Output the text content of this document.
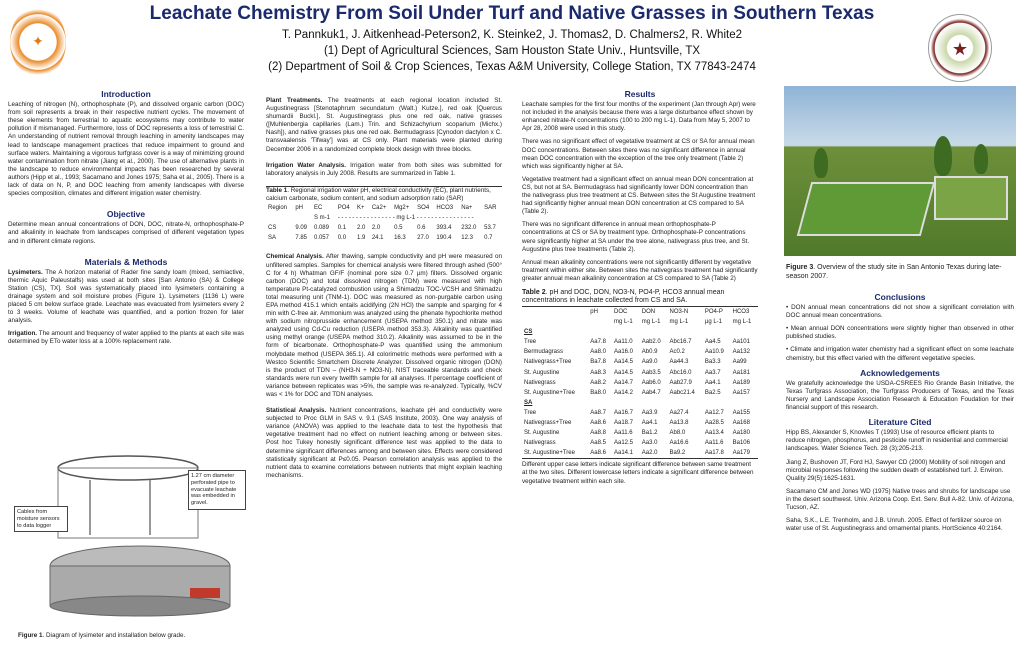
✦
Leachate Chemistry From Soil Under Turf and Native Grasses in Southern Texas
T. Pannkuk1, J. Aitkenhead-Peterson2, K. Steinke2, J. Thomas2, D. Chalmers2, R. White2
(1) Dept of Agricultural Sciences, Sam Houston State Univ., Huntsville, TX
(2) Department of Soil & Crop Sciences, Texas A&M University, College Station, TX 77843-2474
★
Introduction
Leaching of nitrogen (N), orthophosphate (P), and dissolved organic carbon (DOC) from soil represents a break in their respective nutrient cycles. The movement of these elements from terrestrial to aquatic ecosystems may contribute to water pollution if mismanaged. Furthermore, loss of DOC represents a loss of terrestrial C. An understanding of nutrient removal through leaching in amenity landscapes may lead to landscape management practices that reduce impairment to ground and surface waters. Maintaining a vigorous turfgrass cover is a way of minimizing ground water contamination from nitrate (Jiang et al., 2000). The use of alternative plants in the landscape to reduce environmental impacts has been researched by several authors (Hipp et al., 1993; Sacamano and Jones 1975; Saha et al., 2005). There is a lack of data on N, P, and DOC leaching from amenity landscapes with diverse species composition, climates and different irrigation water chemistry.
Objective
Determine mean annual concentrations of DON, DOC, nitrate-N, orthophosphate-P and alkalinity in leachate from landscapes comprised of different vegetation types and in different climate regions.
Materials & Methods
Lysimeters. The A horizon material of Rader fine sandy loam (mixed, semiactive, thermic Aquic Paleustalfs) was used at both sites [San Antonio (SA) & College Station (CS), TX]. Soil was systematically placed into lysimeters containing a drainage system and soil moisture probes (Figure 1). Lysimeters (1136 L) were placed 5 cm below surface grade. Leachate was evacuated from lysimeters every 2 to 3 weeks. Volume of leachate was quantified, and a portion frozen for later analysis.
Irrigation. The amount and frequency of water applied to the plants at each site was determined by ETo water loss at a 100% replacement rate.
1.27 cm diameter perforated pipe to evacuate leachate was embedded in gravel.
Cables from moisture sensors to data logger
Figure 1. Diagram of lysimeter and installation below grade.
Plant Treatments. The treatments at each regional location included St. Augustinegrass [Stenotaphrum secundatum (Walt.) Kutze.], red oak [Quercus shumardii Buckl.], St. Augustinegrass plus one red oak, native grasses ([Muhlenbergia capillaries (Lam.) Trin. and Schizachyrium scoparium (Michx.) Nash]), and native grasses plus one red oak. Bermudagrass [Cynodon dactylon x C. transvaalensis 'Tifway'] was at CS only. Plant materials were planted during December 2006 in a randomized complete block design with three blocks.
Irrigation Water Analysis. Irrigation water from both sites was submitted for laboratory analysis in July 2008. Results are summarized in Table 1.
Table 1. Regional irrigation water pH, electrical conductivity (EC), plant nutrients, calcium carbonate, sodium content, and sodium adsorption ratio (SAR)
Region	pH	EC	PO4	K+	Ca2+	Mg2+	SO4	HCO3	Na+	SAR
		S m-1	- - - - - - - - - - - - - - - - mg L-1 - - - - - - - - - - - - - - - -							
CS	9.09	0.089	0.1	2.0	2.0	0.5	0.6	393.4	232.0	53.7
SA	7.85	0.057	0.0	1.9	24.1	16.3	27.0	190.4	12.3	0.7
Chemical Analysis. After thawing, sample conductivity and pH were measured on unfiltered samples. Samples for chemical analysis were filtered through ashed (500° C for 4 h) Whatman GF/F (nominal pore size 0.7 µm) filters. Dissolved organic carbon (DOC) and total dissolved nitrogen (TDN) were measured with high temperature Pt-catalyzed combustion using a Shimadzu TOC-VCSH and Shimadzu total measuring unit (TNM-1). DOC was measured as non-purgable carbon using EPA method 415.1 which entails acidifying (2N HCl) the sample and sparging for 4 min with C-free air. Ammonium was analyzed using the phenate hypochlorite method with sodium nitroprusside enhancement (USEPA method 350.1) and nitrate was analyzed using Cd-Cu reduction (USEPA method 353.3). Alkalinity was quantified using methyl orange (USEPA method 310.2). Alkalinity was assumed to be in the form of bicarbonate. Orthophosphate-P was quantified using the ammonium molybdate method (USEPA 365.1). All colorimetric methods were performed with a Westco Scientific Smartchem Discrete Analyzer. Dissolved organic nitrogen (DON) is the product of TDN – (NH3-N + NO3-N). NIST traceable standards and check standards were run every twelfth sample for all analyses. If percentage coefficient of variance between replicates was >5%, the sample was re-analyzed. Typically, %CV was < 1% for DOC and TDN analyses.
Statistical Analysis. Nutrient concentrations, leachate pH and conductivity were subjected to Proc GLM in SAS v. 9.1 (SAS Institute, 2003). One way analysis of variance (ANOVA) was applied to the leachate data to test the hypothesis that vegetative treatment had no effect on nutrient leaching among or between sites. Post hoc Tukey honestly significant difference test was applied to the data to determine significant differences among and between sites. Effects were considered statistically significant at P≤0.05. Pearson correlation analysis was applied to the nutrient data to examine correlations between nutrients that might explain leaching mechanisms.
Results
Leachate samples for the first four months of the experiment (Jan through Apr) were not included in the analysis because there was a large disturbance effect shown by enhanced nitrate-N concentrations (100 to 200 mg L-1). Data from May 5, 2007 to Apr 28, 2008 were used in this study.
There was no significant effect of vegetative treatment at CS or SA for annual mean DOC concentrations. Between sites there was no significant difference in annual mean DOC concentration with the exception of the tree only treatment (Table 2) which was significantly higher at SA.
Vegetative treatment had a significant effect on annual mean DON concentration at CS, but not at SA. Bermudagrass had significantly lower DON concentration than the nativegrass plus tree treatment at CS. Between sites the St Augustine treatment had significantly higher annual mean DON concentration at CS compared to SA (Table 2).
There was no significant difference in annual mean orthophosphate-P concentrations at CS or SA by treatment type. Orthophosphate-P concentrations were significantly higher at SA under the tree alone, nativegrass plus tree, and St. Augustine plus tree treatments (Table 2).
Annual mean alkalinity concentrations were not significantly different by vegetative treatment within either site. Between sites the nativegrass treatment had significantly greater annual mean alkalinity concentration at CS compared to SA (Table 2)
Table 2. pH and DOC, DON, NO3-N, PO4-P, HCO3 annual mean concentrations in leachate collected from CS and SA.
	pH	DOC	DON	NO3-N	PO4-P	HCO3
		mg L-1	mg L-1	mg L-1	µg L-1	mg L-1
CS						
Tree	Aa7.8	Aa11.0	Aab2.0	Abc16.7	Aa4.5	Aa101
Bermudagrass	Aa8.0	Aa16.0	Ab0.9	Ac0.2	Aa10.9	Aa132
Nativegrass+Tree	Ba7.8	Aa14.5	Aa9.0	Aa44.3	Ba3.3	Aa99
St. Augustine	Aa8.3	Aa14.5	Aab3.5	Abc16.0	Aa3.7	Aa181
Nativegrass	Aa8.2	Aa14.7	Aab6.0	Aab27.9	Aa4.1	Aa189
St. Augustine+Tree	Ba8.0	Aa14.2	Aab4.7	Aabc21.4	Ba2.5	Aa157
SA						
Tree	Aa8.7	Aa16.7	Aa3.9	Aa27.4	Aa12.7	Aa155
Nativegrass+Tree	Aa8.6	Aa18.7	Aa4.1	Aa13.8	Aa28.5	Aa168
St. Augustine	Aa8.8	Aa11.6	Ba1.2	Ab8.0	Aa13.4	Aa180
Nativegrass	Aa8.5	Aa12.5	Aa3.0	Aa16.6	Aa11.6	Ba106
St. Augustine+Tree	Aa8.6	Aa14.1	Aa2.0	Ba9.2	Aa17.8	Aa179
Different upper case letters indicate significant difference between same treatment at the two sites. Different lowercase letters indicate a significant difference between vegetative treatment within each site.
Figure 3. Overview of the study site in San Antonio Texas during late-season 2007.
Conclusions
• DON annual mean concentrations did not show a significant correlation with DOC annual mean concentrations.
• Mean annual DON concentrations were slightly higher than observed in other published studies.
• Climate and irrigation water chemistry had a significant effect on some leachate chemistry, but this effect varied with the different vegetative species.
Acknowledgements
We gratefully acknowledge the USDA-CSREES Rio Grande Basin Initiative, the Texas Turfgrass Association, the Turfgrass Producers of Texas, and the Texas Nursery and Landscape Association Research & Education Foudation for their financial support of this research.
Literature Cited
Hipp BS, Alexander S, Knowles T (1993) Use of resource efficient plants to reduce nitrogen, phosphorus, and pesticide runoff in residential and commercial landscapes. Water Science Tech. 28 (3);205-213.
Jiang Z, Bushoven JT, Ford HJ, Sawyer CD (2000) Mobility of soil nitrogen and microbial responses following the sudden death of established turf. J. Environ. Quality 29(5):1625-1631.
Sacamano CM and Jones WD (1975) Native trees and shrubs for landscape use in the desert southwest. Univ. Arizona Coop. Ext. Serv. Bull A-82. Univ. of Arizona, Tucson, AZ.
Saha, S.K., L.E. Trenholm, and J.B. Unruh. 2005. Effect of fertilizer source on water use of St. Augustinegrass and ornamental plants. HortScience 40:2164.
